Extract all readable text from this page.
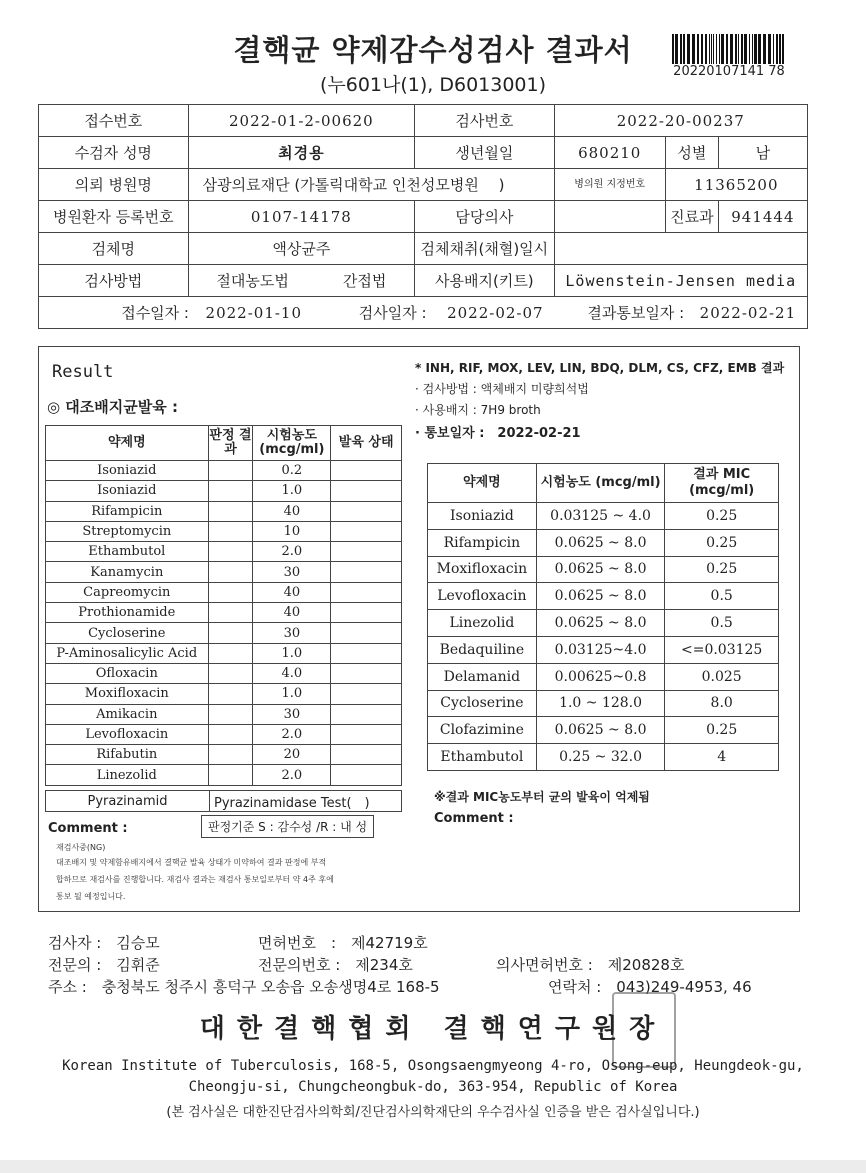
결핵균 약제감수성검사 결과서
(누601나(1), D6013001)
20220107141 78
접수번호	2022-01-2-00620	검사번호	2022-20-00237		
수검자 성명	최경용	생년월일	680210	성별	남
의뢰 병원명	삼광의료재단 (가톨릭대학교 인천성모병원　 )		병의원 지정번호	11365200	
병원환자 등록번호	0107-14178	담당의사		진료과	941444
검체명	액상균주	검체채취(채혈)일시			
검사방법	절대농도법 간접법	사용배지(키트)	Löwenstein-Jensen media		
접수일자 : 2022-01-10 검사일자 : 2022-02-07 결과통보일자 : 2022-02-21					
Result
◎ 대조배지균발육 :
약제명	판정 결과	시험농도 (mcg/ml)	발육 상태
Isoniazid		0.2	
Isoniazid		1.0	
Rifampicin		40	
Streptomycin		10	
Ethambutol		2.0	
Kanamycin		30	
Capreomycin		40	
Prothionamide		40	
Cycloserine		30	
P-Aminosalicylic Acid		1.0	
Ofloxacin		4.0	
Moxifloxacin		1.0	
Amikacin		30	
Levofloxacin		2.0	
Rifabutin		20	
Linezolid		2.0	
Pyrazinamid	Pyrazinamidase Test(　)
판정기준 S : 감수성 /R : 내 성
Comment :
재검사중(NG)
대조배지 및 약제함유배지에서 결핵균 발육 상태가 미약하여 결과 판정에 부적
합하므로 재검사를 진행합니다. 재검사 결과는 재검사 통보일로부터 약 4주 후에
통보 될 예정입니다.
* INH, RIF, MOX, LEV, LIN, BDQ, DLM, CS, CFZ, EMB 결과
· 검사방법 : 액체배지 미량희석법
· 사용배지 : 7H9 broth
· 통보일자 :　2022-02-21
약제명	시험농도 (mcg/ml)	결과 MIC (mcg/ml)
Isoniazid	0.03125 ~ 4.0	0.25
Rifampicin	0.0625 ~ 8.0	0.25
Moxifloxacin	0.0625 ~ 8.0	0.25
Levofloxacin	0.0625 ~ 8.0	0.5
Linezolid	0.0625 ~ 8.0	0.5
Bedaquiline	0.03125~4.0	<=0.03125
Delamanid	0.00625~0.8	0.025
Cycloserine	1.0 ~ 128.0	8.0
Clofazimine	0.0625 ~ 8.0	0.25
Ethambutol	0.25 ~ 32.0	4
※결과 MIC농도부터 균의 발육이 억제됨
Comment :
검사자 :　김승모	면허번호　:　제42719호
전문의 :　김휘준	전문의번호 :　제234호	의사면허번호 :　제20828호
주소 :　충청북도 청주시 흥덕구 오송읍 오송생명4로 168-5	연락처 :　043)249-4953, 46
대한결핵협회 결핵연구원장
Korean Institute of Tuberculosis, 168-5, Osongsaengmyeong 4-ro, Osong-eup, Heungdeok-gu,
Cheongju-si, Chungcheongbuk-do, 363-954, Republic of Korea
(본 검사실은 대한진단검사의학회/진단검사의학재단의 우수검사실 인증을 받은 검사실입니다.)
